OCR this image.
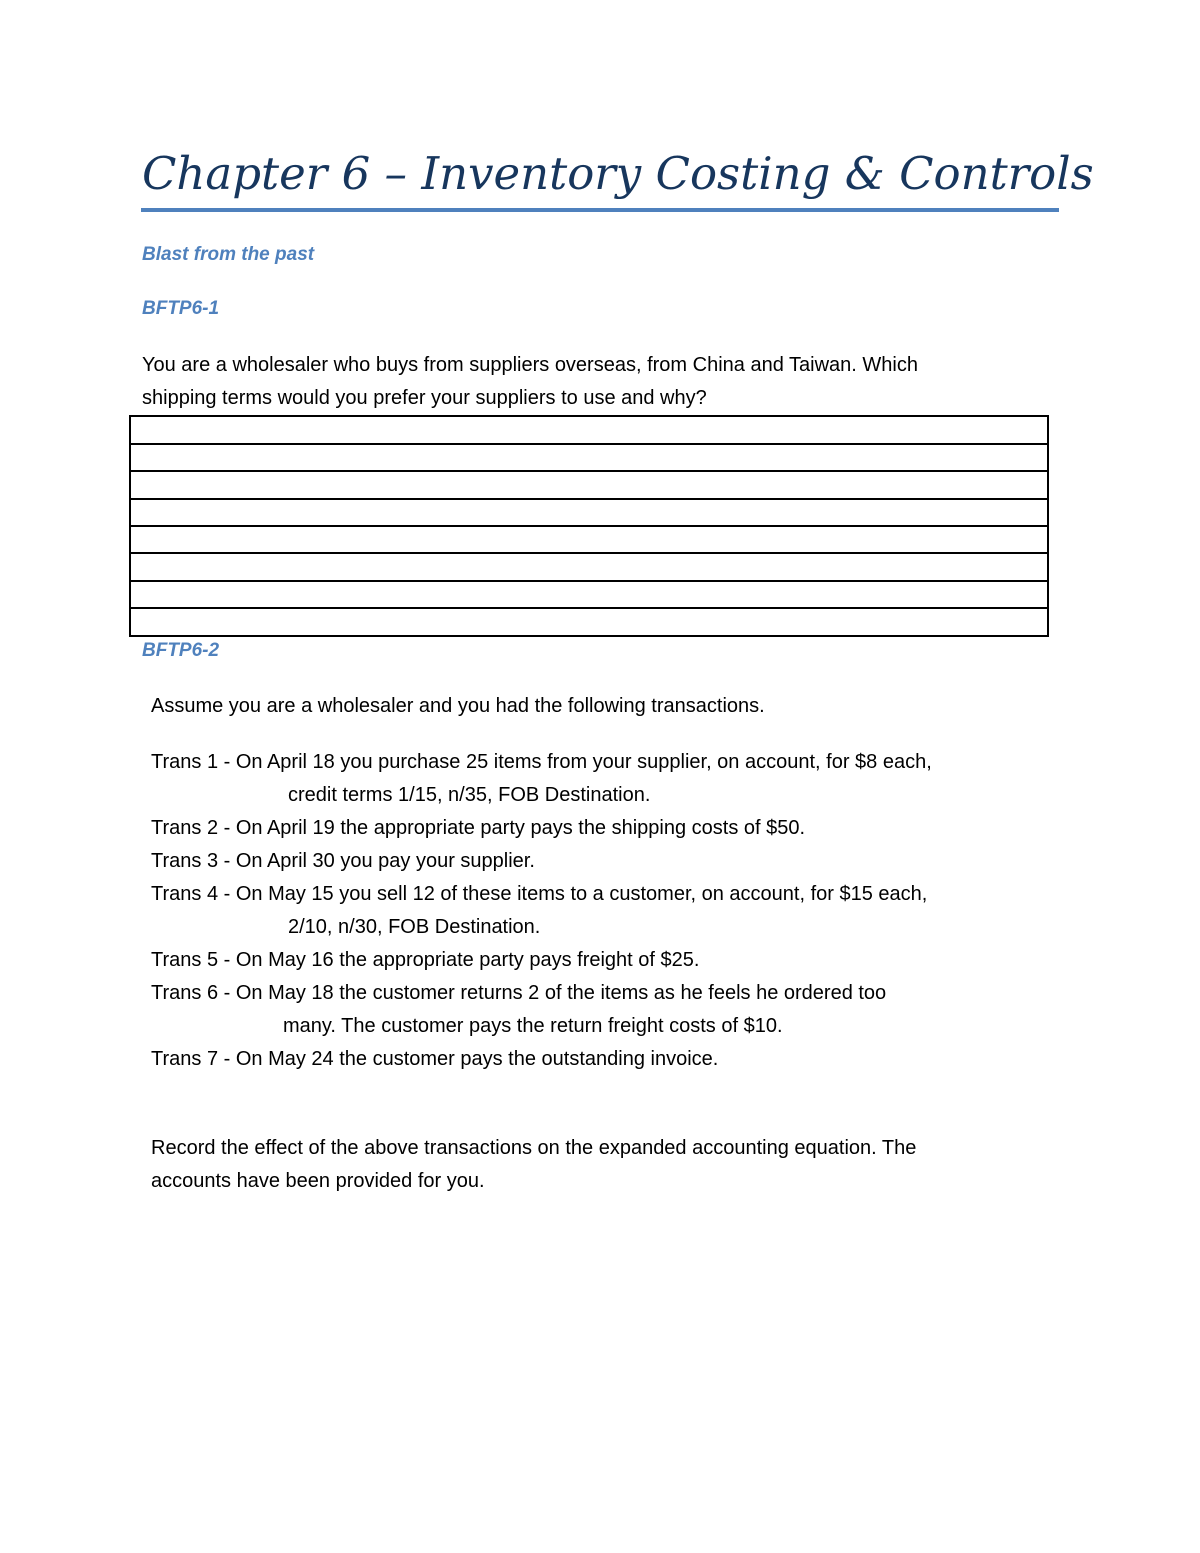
Chapter 6 – Inventory Costing & Controls

Blast from the past

BFTP6-1

You are a wholesaler who buys from suppliers overseas, from China and Taiwan. Which
shipping terms would you prefer your suppliers to use and why?

BFTP6-2

Assume you are a wholesaler and you had the following transactions.

Trans 1 - On April 18 you purchase 25 items from your supplier, on account, for $8 each,
credit terms 1/15, n/35, FOB Destination.
Trans 2 - On April 19 the appropriate party pays the shipping costs of $50.
Trans 3 - On April 30 you pay your supplier.
Trans 4 - On May 15 you sell 12 of these items to a customer, on account, for $15 each,
2/10, n/30, FOB Destination.
Trans 5 - On May 16 the appropriate party pays freight of $25.
Trans 6 - On May 18 the customer returns 2 of the items as he feels he ordered too
many. The customer pays the return freight costs of $10.
Trans 7 - On May 24 the customer pays the outstanding invoice.

Record the effect of the above transactions on the expanded accounting equation. The
accounts have been provided for you.
